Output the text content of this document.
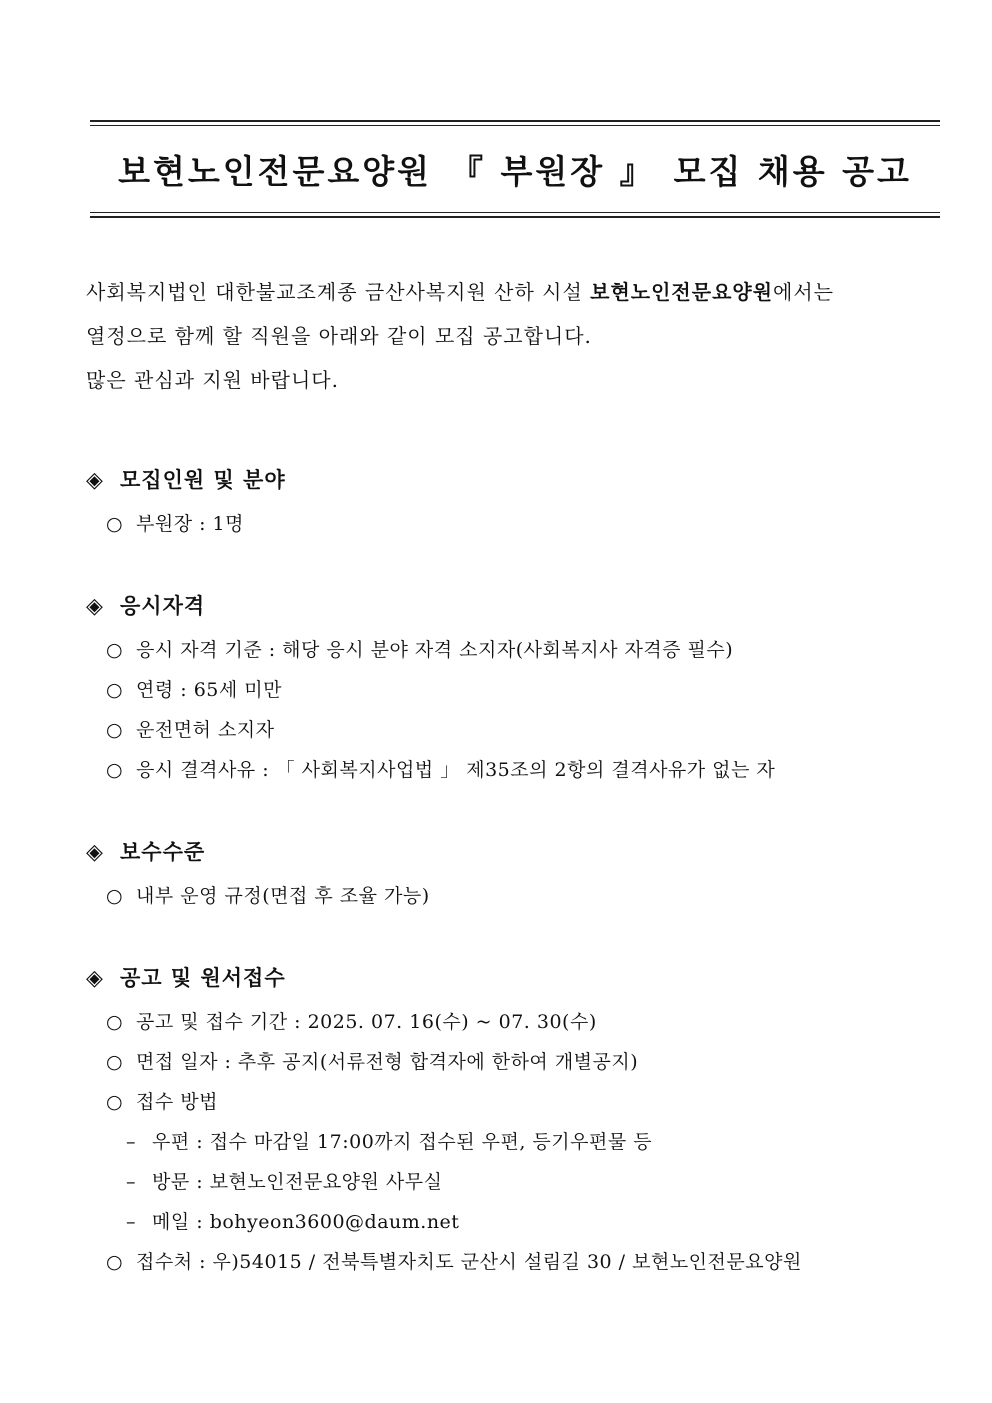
보현노인전문요양원 『 부원장 』 모집 채용 공고

사회복지법인 대한불교조계종 금산사복지원 산하 시설 보현노인전문요양원에서는

열정으로 함께 할 직원을 아래와 같이 모집 공고합니다.

많은 관심과 지원 바랍니다.

◈ 모집인원 및 분야
○ 부원장 : 1명
◈ 응시자격
○ 응시 자격 기준 : 해당 응시 분야 자격 소지자(사회복지사 자격증 필수)
○ 연령 : 65세 미만
○ 운전면허 소지자
○ 응시 결격사유 : 「 사회복지사업법 」 제35조의 2항의 결격사유가 없는 자
◈ 보수수준
○ 내부 운영 규정(면접 후 조율 가능)
◈ 공고 및 원서접수
○ 공고 및 접수 기간 : 2025. 07. 16(수) ~ 07. 30(수)
○ 면접 일자 : 추후 공지(서류전형 합격자에 한하여 개별공지)
○ 접수 방법
– 우편 : 접수 마감일 17:00까지 접수된 우편, 등기우편물 등
– 방문 : 보현노인전문요양원 사무실
– 메일 : bohyeon3600@daum.net
○ 접수처 : 우)54015 / 전북특별자치도 군산시 설림길 30 / 보현노인전문요양원
